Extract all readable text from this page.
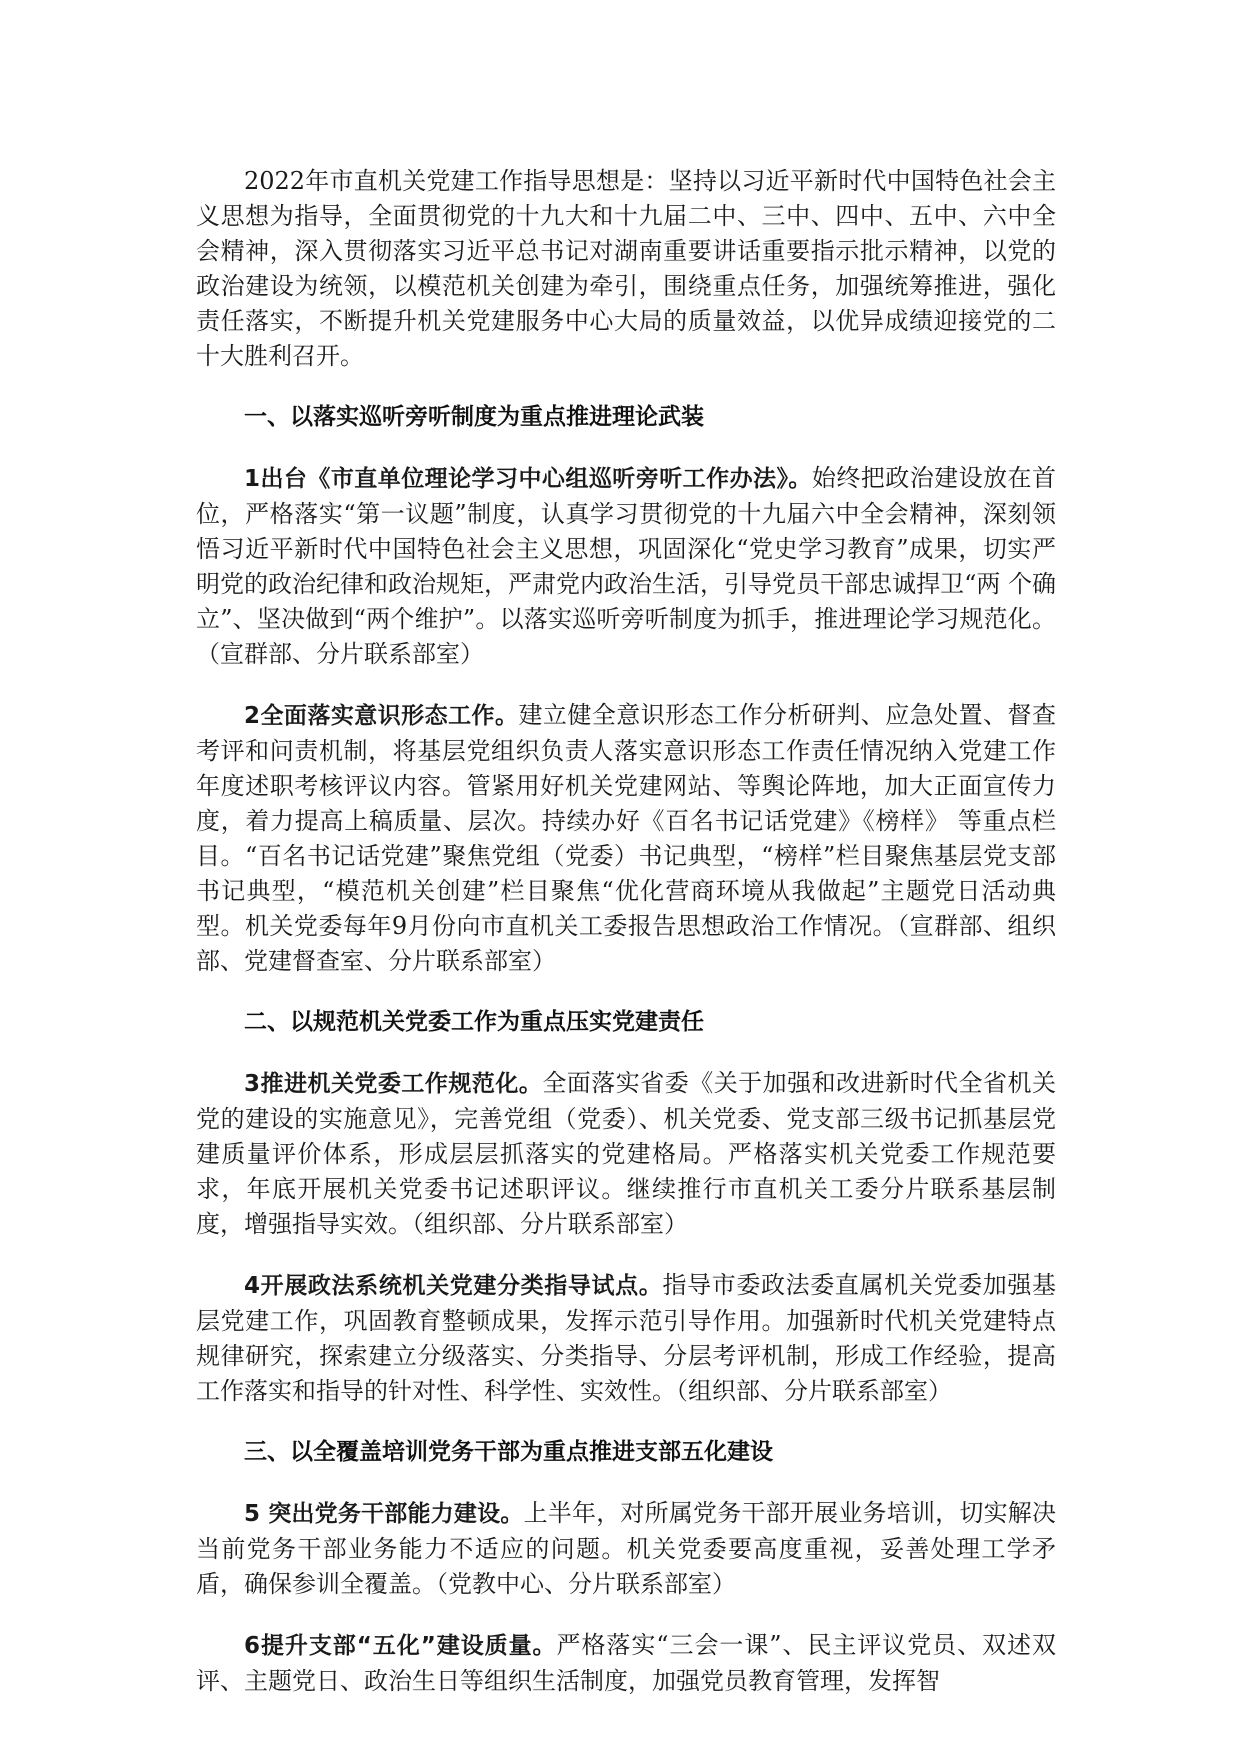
2022年市直机关党建工作指导思想是：坚持以习近平新时代中国特色社会主义思想为指导，全面贯彻党的十九大和十九届二中、三中、四中、五中、六中全会精神，深入贯彻落实习近平总书记对湖南重要讲话重要指示批示精神，以党的政治建设为统领，以模范机关创建为牵引，围绕重点任务，加强统筹推进，强化责任落实，不断提升机关党建服务中心大局的质量效益，以优异成绩迎接党的二十大胜利召开。

一、以落实巡听旁听制度为重点推进理论武装

1出台《市直单位理论学习中心组巡听旁听工作办法》。始终把政治建设放在首位，严格落实“第一议题”制度，认真学习贯彻党的十九届六中全会精神，深刻领悟习近平新时代中国特色社会主义思想，巩固深化“党史学习教育”成果，切实严明党的政治纪律和政治规矩，严肃党内政治生活，引导党员干部忠诚捍卫“两 个确立”、坚决做到“两个维护”。以落实巡听旁听制度为抓手，推进理论学习规范化。（宣群部、分片联系部室）

2全面落实意识形态工作。建立健全意识形态工作分析研判、应急处置、督查考评和问责机制，将基层党组织负责人落实意识形态工作责任情况纳入党建工作年度述职考核评议内容。管紧用好机关党建网站、等舆论阵地，加大正面宣传力度，着力提高上稿质量、层次。持续办好《百名书记话党建》《榜样》 等重点栏目。“百名书记话党建”聚焦党组（党委）书记典型，“榜样”栏目聚焦基层党支部书记典型，“模范机关创建”栏目聚焦“优化营商环境从我做起”主题党日活动典型。机关党委每年9月份向市直机关工委报告思想政治工作情况。（宣群部、组织部、党建督查室、分片联系部室）

二、以规范机关党委工作为重点压实党建责任

3推进机关党委工作规范化。全面落实省委《关于加强和改进新时代全省机关党的建设的实施意见》，完善党组（党委）、机关党委、党支部三级书记抓基层党建质量评价体系，形成层层抓落实的党建格局。严格落实机关党委工作规范要求，年底开展机关党委书记述职评议。继续推行市直机关工委分片联系基层制度，增强指导实效。（组织部、分片联系部室）

4开展政法系统机关党建分类指导试点。指导市委政法委直属机关党委加强基层党建工作，巩固教育整顿成果，发挥示范引导作用。加强新时代机关党建特点规律研究，探索建立分级落实、分类指导、分层考评机制，形成工作经验，提高工作落实和指导的针对性、科学性、实效性。（组织部、分片联系部室）

三、以全覆盖培训党务干部为重点推进支部五化建设

5 突出党务干部能力建设。上半年，对所属党务干部开展业务培训，切实解决当前党务干部业务能力不适应的问题。机关党委要高度重视，妥善处理工学矛盾，确保参训全覆盖。（党教中心、分片联系部室）

6提升支部“五化”建设质量。严格落实“三会一课”、民主评议党员、双述双评、主题党日、政治生日等组织生活制度，加强党员教育管理，发挥智
